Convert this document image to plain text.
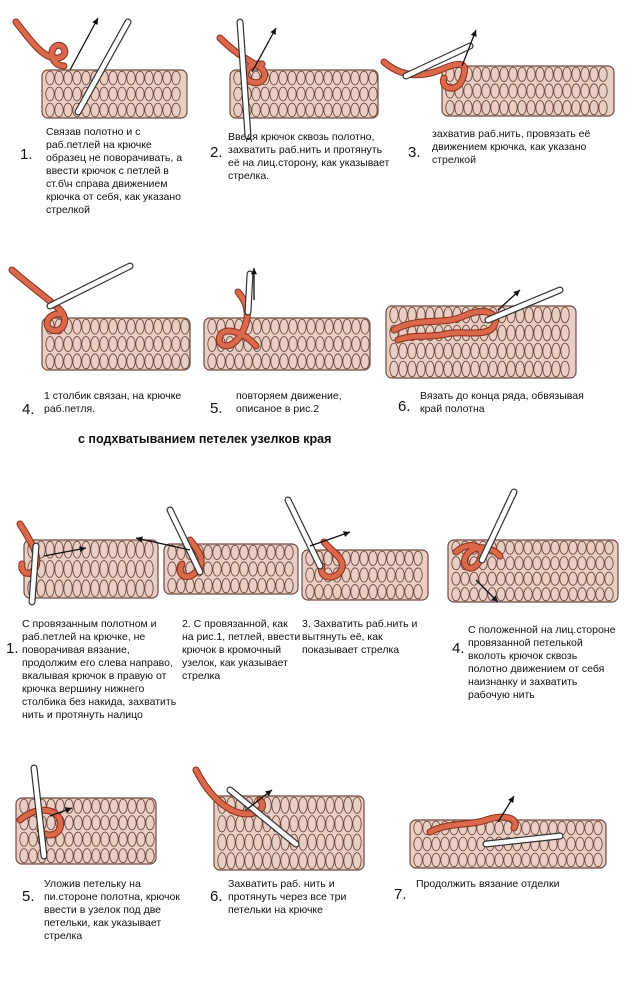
1.
Связав полотно и с раб.петлей на крючке образец не поворачивать, а ввести крючок с петлей в ст.б\н справа движением крючка от себя, как указано стрелкой
2.
Введя крючок сквозь полотно, захватить раб.нить и протянуть её на лиц.сторону, как указывает стрелка.
3.
захватив раб.нить, провязать её движением крючка, как указано стрелкой
4.
1 столбик связан, на крючке раб.петля.	5.
повторяем движение, описаное в рис.2	6.
Вязать до конца ряда, обвязывая край полотна
с подхватыванием петелек узелков края
1.
С провязанным полотном и раб.петлей на крючке, не поворачивая вязание, продолжим его слева направо, вкалывая крючок в правую от крючка вершину нижнего столбика без накида, захватить нить и протянуть налицо
2. С провязанной, как на рис.1, петлей, ввести крючок в кромочный узелок, как указывает стрелка
3. Захватить раб.нить и вытянуть её, как показывает стрелка	4.
С положенной на лиц.стороне провязанной петелькой вколоть крючок сквозь полотно движением от себя наизнанку и захватить рабочую нить
5.
Уложив петельку на пи.стороне полотна, крючок ввести в узелок под две петельки, как указывает стрелка
6.
Захватить раб. нить и протянуть через все три петельки на крючке
7.
Продолжить вязание отделки
